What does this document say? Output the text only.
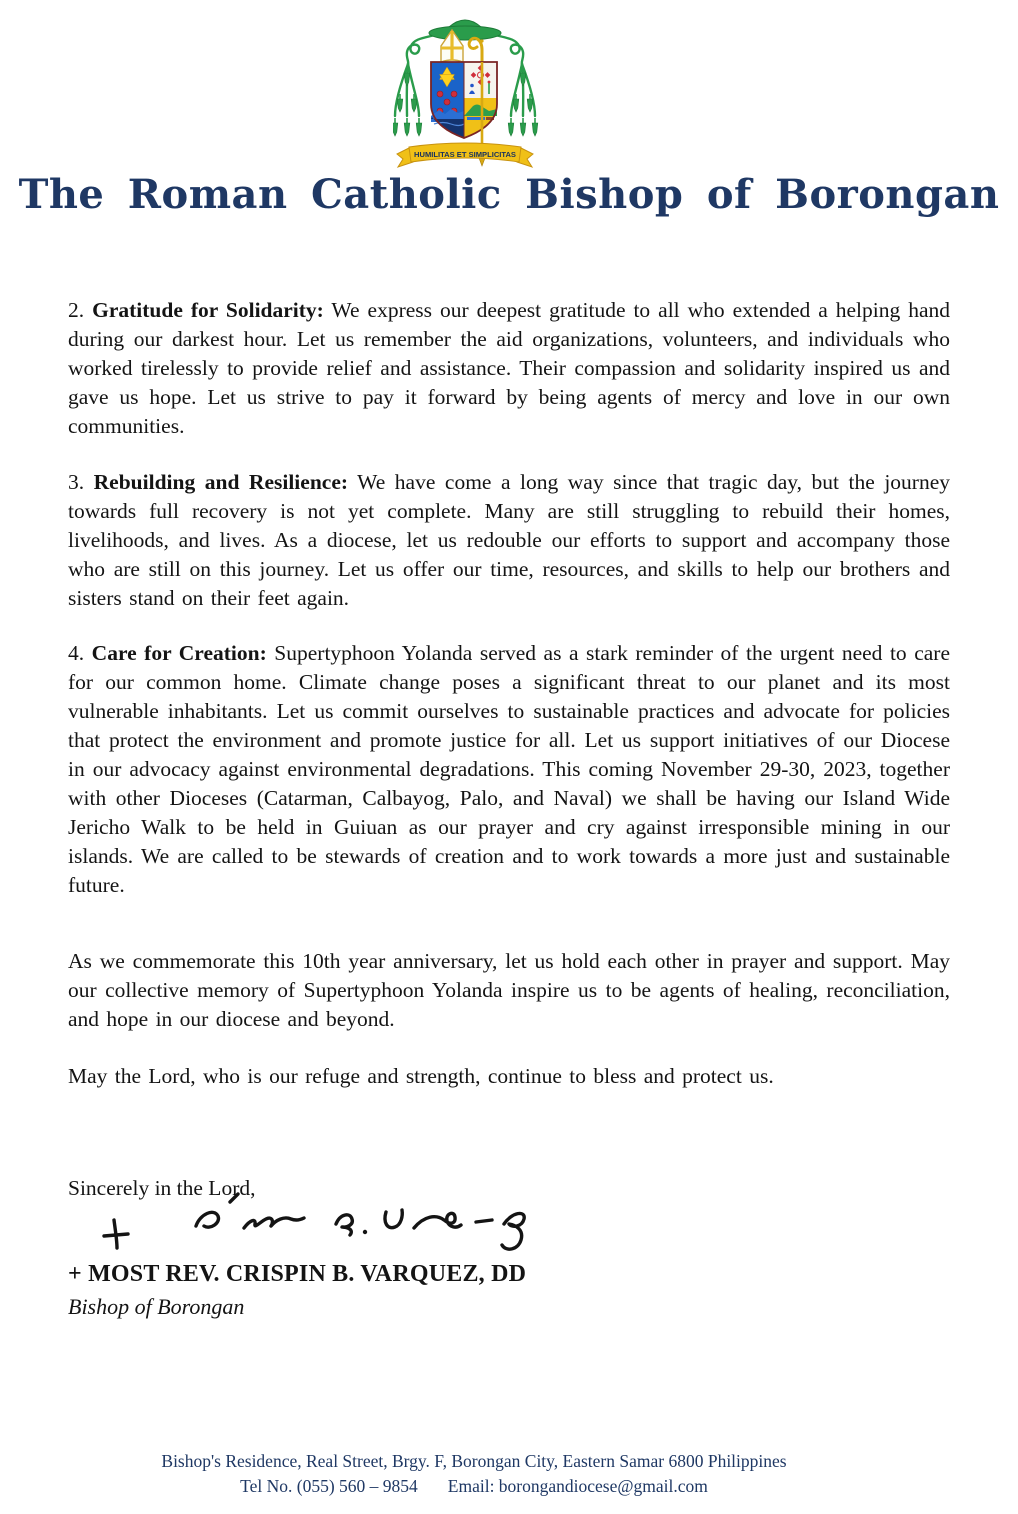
HUMILITAS ET SIMPLICITAS
The Roman Catholic Bishop of Borongan

2. Gratitude for Solidarity: We express our deepest gratitude to all who extended a helping hand during our darkest hour. Let us remember the aid organizations, volunteers, and individuals who worked tirelessly to provide relief and assistance. Their compassion and solidarity inspired us and gave us hope. Let us strive to pay it forward by being agents of mercy and love in our own communities.

3. Rebuilding and Resilience: We have come a long way since that tragic day, but the journey towards full recovery is not yet complete. Many are still struggling to rebuild their homes, livelihoods, and lives. As a diocese, let us redouble our efforts to support and accompany those who are still on this journey. Let us offer our time, resources, and skills to help our brothers and sisters stand on their feet again.

4. Care for Creation: Supertyphoon Yolanda served as a stark reminder of the urgent need to care for our common home. Climate change poses a significant threat to our planet and its most vulnerable inhabitants. Let us commit ourselves to sustainable practices and advocate for policies that protect the environment and promote justice for all. Let us support initiatives of our Diocese in our advocacy against environmental degradations. This coming November 29-30, 2023, together with other Dioceses (Catarman, Calbayog, Palo, and Naval) we shall be having our Island Wide Jericho Walk to be held in Guiuan as our prayer and cry against irresponsible mining in our islands. We are called to be stewards of creation and to work towards a more just and sustainable future.

As we commemorate this 10th year anniversary, let us hold each other in prayer and support. May our collective memory of Supertyphoon Yolanda inspire us to be agents of healing, reconciliation, and hope in our diocese and beyond.

May the Lord, who is our refuge and strength, continue to bless and protect us.

Sincerely in the Lord,

+ MOST REV. CRISPIN B. VARQUEZ, DD
Bishop of Borongan
Bishop's Residence, Real Street, Brgy. F, Borongan City, Eastern Samar 6800 Philippines
Tel No. (055) 560 – 9854 Email: borongandiocese@gmail.com
